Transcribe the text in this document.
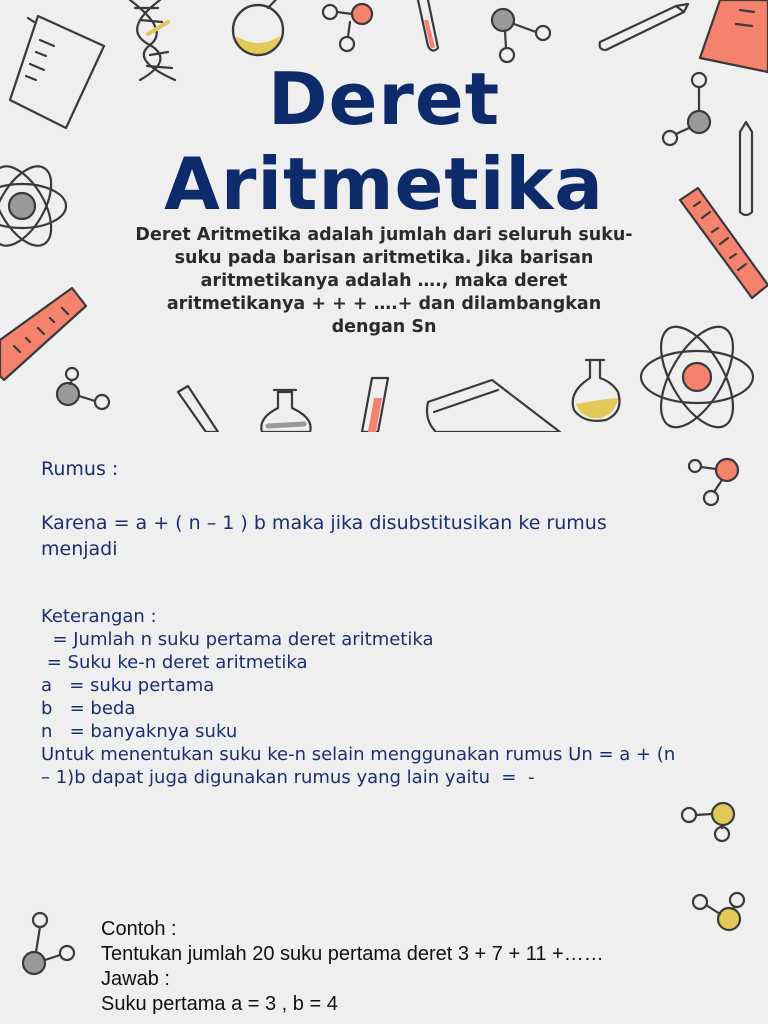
Deret
Aritmetika
Deret Aritmetika adalah jumlah dari seluruh suku-
suku pada barisan aritmetika. Jika barisan
aritmetikanya adalah …., maka deret
aritmetikanya + + + ….+ dan dilambangkan
dengan Sn
Rumus :
Karena = a + ( n – 1 ) b maka jika disubstitusikan ke rumus
menjadi
Keterangan :
= Jumlah n suku pertama deret aritmetika
= Suku ke-n deret aritmetika
a   = suku pertama
b   = beda
n   = banyaknya suku
Untuk menentukan suku ke-n selain menggunakan rumus Un = a + (n
– 1)b dapat juga digunakan rumus yang lain yaitu  =  -
Contoh :
Tentukan jumlah 20 suku pertama deret 3 + 7 + 11 +……
Jawab :
Suku pertama a = 3 , b = 4
